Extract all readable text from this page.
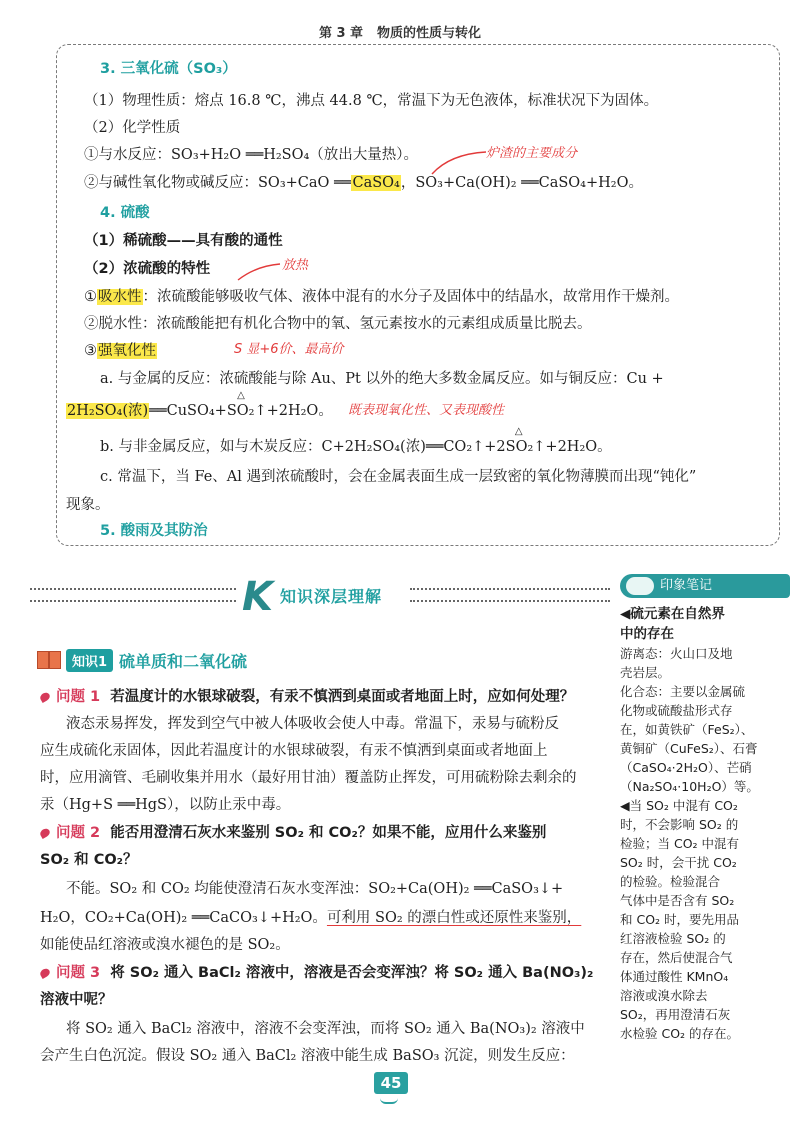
第 3 章 物质的性质与转化
3. 三氧化硫（SO₃）
（1）物理性质：熔点 16.8 ℃，沸点 44.8 ℃，常温下为无色液体，标准状况下为固体。
（2）化学性质
①与水反应：SO₃+H₂O ══H₂SO₄（放出大量热）。	炉渣的主要成分
②与碱性氧化物或碱反应：SO₃+CaO ══CaSO₄，SO₃+Ca(OH)₂ ══CaSO₄+H₂O。
4. 硫酸
（1）稀硫酸——具有酸的通性
（2）浓硫酸的特性	放热
①吸水性：浓硫酸能够吸收气体、液体中混有的水分子及固体中的结晶水，故常用作干燥剂。
②脱水性：浓硫酸能把有机化合物中的氧、氢元素按水的元素组成质量比脱去。
③强氧化性	S 显+6价、最高价
a. 与金属的反应：浓硫酸能与除 Au、Pt 以外的绝大多数金属反应。如与铜反应：Cu +
2H₂SO₄(浓)
△
══CuSO₄+SO₂↑+2H₂O。 既表现氧化性、又表现酸性
b. 与非金属反应，如与木炭反应：C+2H₂SO₄(浓)
△
══CO₂↑+2SO₂↑+2H₂O。
c. 常温下，当 Fe、Al 遇到浓硫酸时，会在金属表面生成一层致密的氧化物薄膜而出现“钝化”
现象。
5. 酸雨及其防治
K 知识深层理解
知识1 硫单质和二氧化硫
问题 1 若温度计的水银球破裂，有汞不慎洒到桌面或者地面上时，应如何处理？
液态汞易挥发，挥发到空气中被人体吸收会使人中毒。常温下，汞易与硫粉反
应生成硫化汞固体，因此若温度计的水银球破裂，有汞不慎洒到桌面或者地面上
时，应用滴管、毛刷收集并用水（最好用甘油）覆盖防止挥发，可用硫粉除去剩余的
汞（Hg+S ══HgS），以防止汞中毒。
问题 2 能否用澄清石灰水来鉴别 SO₂ 和 CO₂？如果不能，应用什么来鉴别
SO₂ 和 CO₂？
不能。SO₂ 和 CO₂ 均能使澄清石灰水变浑浊：SO₂+Ca(OH)₂ ══CaSO₃↓+
H₂O，CO₂+Ca(OH)₂ ══CaCO₃↓+H₂O。可利用 SO₂ 的漂白性或还原性来鉴别，
如能使品红溶液或溴水褪色的是 SO₂。
问题 3 将 SO₂ 通入 BaCl₂ 溶液中，溶液是否会变浑浊？将 SO₂ 通入 Ba(NO₃)₂
溶液中呢？
将 SO₂ 通入 BaCl₂ 溶液中，溶液不会变浑浊，而将 SO₂ 通入 Ba(NO₃)₂ 溶液中
会产生白色沉淀。假设 SO₂ 通入 BaCl₂ 溶液中能生成 BaSO₃ 沉淀，则发生反应：
印象笔记
◀硫元素在自然界
中的存在
游离态：火山口及地
壳岩层。
化合态：主要以金属硫
化物或硫酸盐形式存
在，如黄铁矿（FeS₂）、
黄铜矿（CuFeS₂）、石膏
（CaSO₄·2H₂O）、芒硝
（Na₂SO₄·10H₂O）等。
◀当 SO₂ 中混有 CO₂
时，不会影响 SO₂ 的
检验；当 CO₂ 中混有
SO₂ 时，会干扰 CO₂
的检验。检验混合
气体中是否含有 SO₂
和 CO₂ 时，要先用品
红溶液检验 SO₂ 的
存在，然后使混合气
体通过酸性 KMnO₄
溶液或溴水除去
SO₂，再用澄清石灰
水检验 CO₂ 的存在。
45
